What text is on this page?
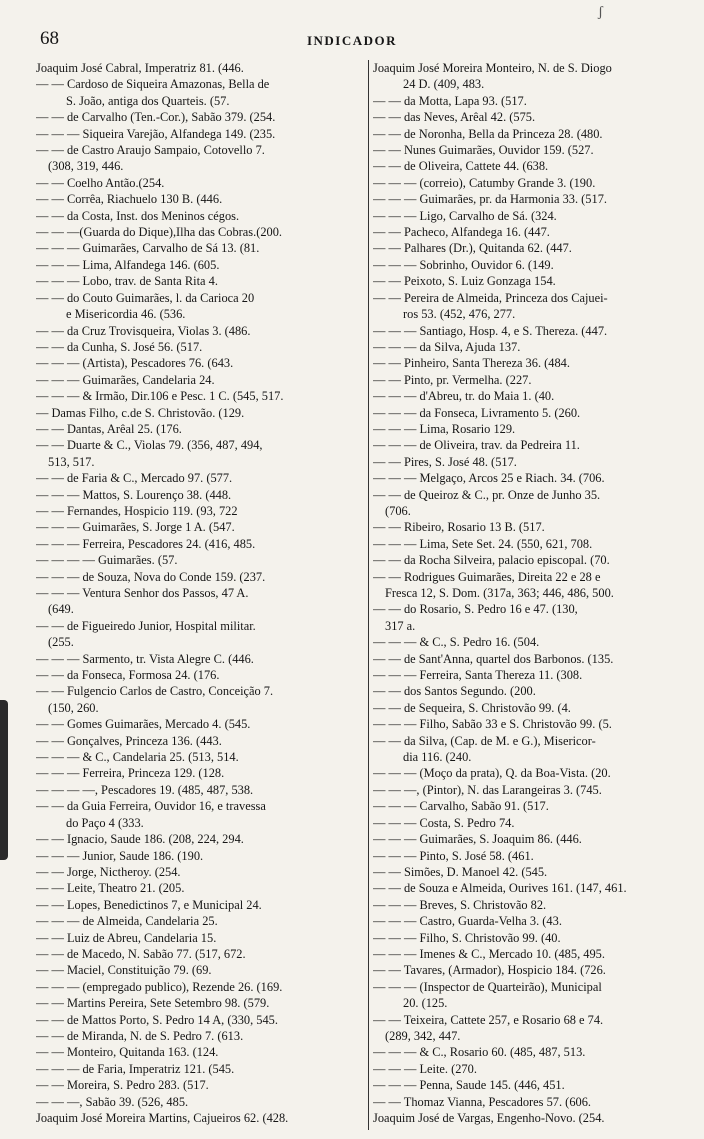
68	INDICADOR
ʃ
Joaquim José Cabral, Imperatriz 81. (446.
— — Cardoso de Siqueira Amazonas, Bella de
S. João, antiga dos Quarteis. (57.
— — de Carvalho (Ten.-Cor.), Sabão 379. (254.
— — — Siqueira Varejão, Alfandega 149. (235.
— — de Castro Araujo Sampaio, Cotovello 7.
(308, 319, 446.
— — Coelho Antão.(254.
— — Corrêa, Riachuelo 130 B. (446.
— — da Costa, Inst. dos Meninos cégos.
— — —(Guarda do Dique),Ilha das Cobras.(200.
— — — Guimarães, Carvalho de Sá 13. (81.
— — — Lima, Alfandega 146. (605.
— — — Lobo, trav. de Santa Rita 4.
— — do Couto Guimarães, l. da Carioca 20
e Misericordia 46. (536.
— — da Cruz Trovisqueira, Violas 3. (486.
— — da Cunha, S. José 56. (517.
— — — (Artista), Pescadores 76. (643.
— — — Guimarães, Candelaria 24.
— — — & Irmão, Dir.106 e Pesc. 1 C. (545, 517.
— Damas Filho, c.de S. Christovão. (129.
— — Dantas, Arêal 25. (176.
— — Duarte & C., Violas 79. (356, 487, 494,
513, 517.
— — de Faria & C., Mercado 97. (577.
— — — Mattos, S. Lourenço 38. (448.
— — Fernandes, Hospicio 119. (93, 722
— — — Guimarães, S. Jorge 1 A. (547.
— — — Ferreira, Pescadores 24. (416, 485.
— — — — Guimarães. (57.
— — — de Souza, Nova do Conde 159. (237.
— — — Ventura Senhor dos Passos, 47 A.
(649.
— — de Figueiredo Junior, Hospital militar.
(255.
— — — Sarmento, tr. Vista Alegre C. (446.
— — da Fonseca, Formosa 24. (176.
— — Fulgencio Carlos de Castro, Conceição 7.
(150, 260.
— — Gomes Guimarães, Mercado 4. (545.
— — Gonçalves, Princeza 136. (443.
— — — & C., Candelaria 25. (513, 514.
— — — Ferreira, Princeza 129. (128.
— — — —, Pescadores 19. (485, 487, 538.
— — da Guia Ferreira, Ouvidor 16, e travessa
do Paço 4 (333.
— — Ignacio, Saude 186. (208, 224, 294.
— — — Junior, Saude 186. (190.
— — Jorge, Nictheroy. (254.
— — Leite, Theatro 21. (205.
— — Lopes, Benedictinos 7, e Municipal 24.
— — — de Almeida, Candelaria 25.
— — Luiz de Abreu, Candelaria 15.
— — de Macedo, N. Sabão 77. (517, 672.
— — Maciel, Constituição 79. (69.
— — — (empregado publico), Rezende 26. (169.
— — Martins Pereira, Sete Setembro 98. (579.
— — de Mattos Porto, S. Pedro 14 A, (330, 545.
— — de Miranda, N. de S. Pedro 7. (613.
— — Monteiro, Quitanda 163. (124.
— — — de Faria, Imperatriz 121. (545.
— — Moreira, S. Pedro 283. (517.
— — —, Sabão 39. (526, 485.
Joaquim José Moreira Martins, Cajueiros 62. (428.
Joaquim José Moreira Monteiro, N. de S. Diogo
24 D. (409, 483.
— — da Motta, Lapa 93. (517.
— — das Neves, Arêal 42. (575.
— — de Noronha, Bella da Princeza 28. (480.
— — Nunes Guimarães, Ouvidor 159. (527.
— — de Oliveira, Cattete 44. (638.
— — — (correio), Catumby Grande 3. (190.
— — — Guimarães, pr. da Harmonia 33. (517.
— — — Ligo, Carvalho de Sá. (324.
— — Pacheco, Alfandega 16. (447.
— — Palhares (Dr.), Quitanda 62. (447.
— — — Sobrinho, Ouvidor 6. (149.
— — Peixoto, S. Luiz Gonzaga 154.
— — Pereira de Almeida, Princeza dos Cajuei-
ros 53. (452, 476, 277.
— — — Santiago, Hosp. 4, e S. Thereza. (447.
— — — da Silva, Ajuda 137.
— — Pinheiro, Santa Thereza 36. (484.
— — Pinto, pr. Vermelha. (227.
— — — d'Abreu, tr. do Maia 1. (40.
— — — da Fonseca, Livramento 5. (260.
— — — Lima, Rosario 129.
— — — de Oliveira, trav. da Pedreira 11.
— — Pires, S. José 48. (517.
— — — Melgaço, Arcos 25 e Riach. 34. (706.
— — de Queiroz & C., pr. Onze de Junho 35.
(706.
— — Ribeiro, Rosario 13 B. (517.
— — — Lima, Sete Set. 24. (550, 621, 708.
— — da Rocha Silveira, palacio episcopal. (70.
— — Rodrigues Guimarães, Direita 22 e 28 e
Fresca 12, S. Dom. (317a, 363; 446, 486, 500.
— — do Rosario, S. Pedro 16 e 47. (130,
317 a.
— — — & C., S. Pedro 16. (504.
— — de Sant'Anna, quartel dos Barbonos. (135.
— — — Ferreira, Santa Thereza 11. (308.
— — dos Santos Segundo. (200.
— — de Sequeira, S. Christovão 99. (4.
— — — Filho, Sabão 33 e S. Christovão 99. (5.
— — da Silva, (Cap. de M. e G.), Misericor-
dia 116. (240.
— — — (Moço da prata), Q. da Boa-Vista. (20.
— — —, (Pintor), N. das Larangeiras 3. (745.
— — — Carvalho, Sabão 91. (517.
— — — Costa, S. Pedro 74.
— — — Guimarães, S. Joaquim 86. (446.
— — — Pinto, S. José 58. (461.
— — Simões, D. Manoel 42. (545.
— — de Souza e Almeida, Ourives 161. (147, 461.
— — — Breves, S. Christovão 82.
— — — Castro, Guarda-Velha 3. (43.
— — — Filho, S. Christovão 99. (40.
— — — Imenes & C., Mercado 10. (485, 495.
— — Tavares, (Armador), Hospicio 184. (726.
— — — (Inspector de Quarteirão), Municipal
20. (125.
— — Teixeira, Cattete 257, e Rosario 68 e 74.
(289, 342, 447.
— — — & C., Rosario 60. (485, 487, 513.
— — — Leite. (270.
— — — Penna, Saude 145. (446, 451.
— — Thomaz Vianna, Pescadores 57. (606.
Joaquim José de Vargas, Engenho-Novo. (254.
